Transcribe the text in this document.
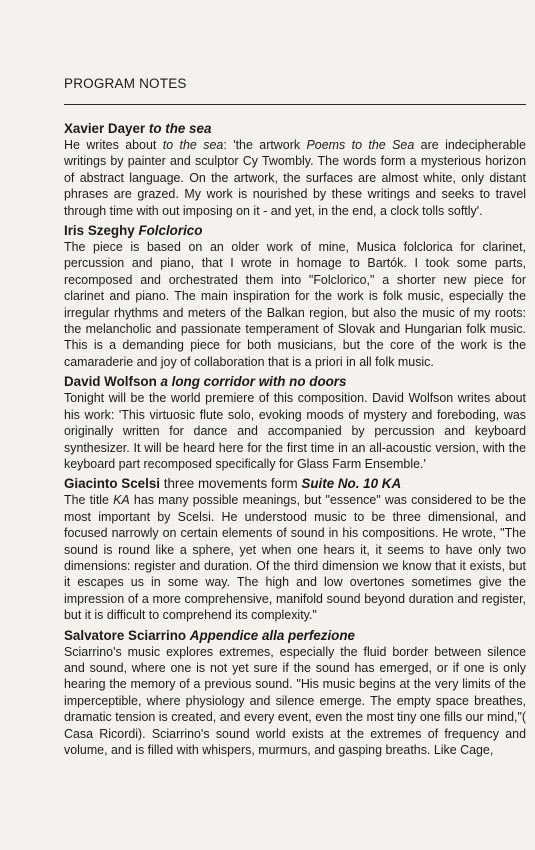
PROGRAM NOTES

Xavier Dayer to the sea

He writes about to the sea: 'the artwork Poems to the Sea are indecipherable writings by painter and sculptor Cy Twombly. The words form a mysterious horizon of abstract language. On the artwork, the surfaces are almost white, only distant phrases are grazed. My work is nourished by these writings and seeks to travel through time with out imposing on it - and yet, in the end, a clock tolls softly'.

Iris Szeghy Folclorico

The piece is based on an older work of mine, Musica folclorica for clarinet, percussion and piano, that I wrote in homage to Bartók. I took some parts, recomposed and orchestrated them into "Folclorico," a shorter new piece for clarinet and piano. The main inspiration for the work is folk music, especially the irregular rhythms and meters of the Balkan region, but also the music of my roots: the melancholic and passionate temperament of Slovak and Hungarian folk music. This is a demanding piece for both musicians, but the core of the work is the camaraderie and joy of collaboration that is a priori in all folk music.

David Wolfson a long corridor with no doors

Tonight will be the world premiere of this composition. David Wolfson writes about his work: 'This virtuosic flute solo, evoking moods of mystery and foreboding, was originally written for dance and accompanied by percussion and keyboard synthesizer. It will be heard here for the first time in an all-acoustic version, with the keyboard part recomposed specifically for Glass Farm Ensemble.'

Giacinto Scelsi three movements form Suite No. 10 KA

The title KA has many possible meanings, but "essence" was considered to be the most important by Scelsi. He understood music to be three dimensional, and focused narrowly on certain elements of sound in his compositions. He wrote, "The sound is round like a sphere, yet when one hears it, it seems to have only two dimensions: register and duration. Of the third dimension we know that it exists, but it escapes us in some way. The high and low overtones sometimes give the impression of a more comprehensive, manifold sound beyond duration and register, but it is difficult to comprehend its complexity."

Salvatore Sciarrino Appendice alla perfezione

Sciarrino's music explores extremes, especially the fluid border between silence and sound, where one is not yet sure if the sound has emerged, or if one is only hearing the memory of a previous sound. "His music begins at the very limits of the imperceptible, where physiology and silence emerge. The empty space breathes, dramatic tension is created, and every event, even the most tiny one fills our mind,"( Casa Ricordi). Sciarrino's sound world exists at the extremes of frequency and volume, and is filled with whispers, murmurs, and gasping breaths. Like Cage,
